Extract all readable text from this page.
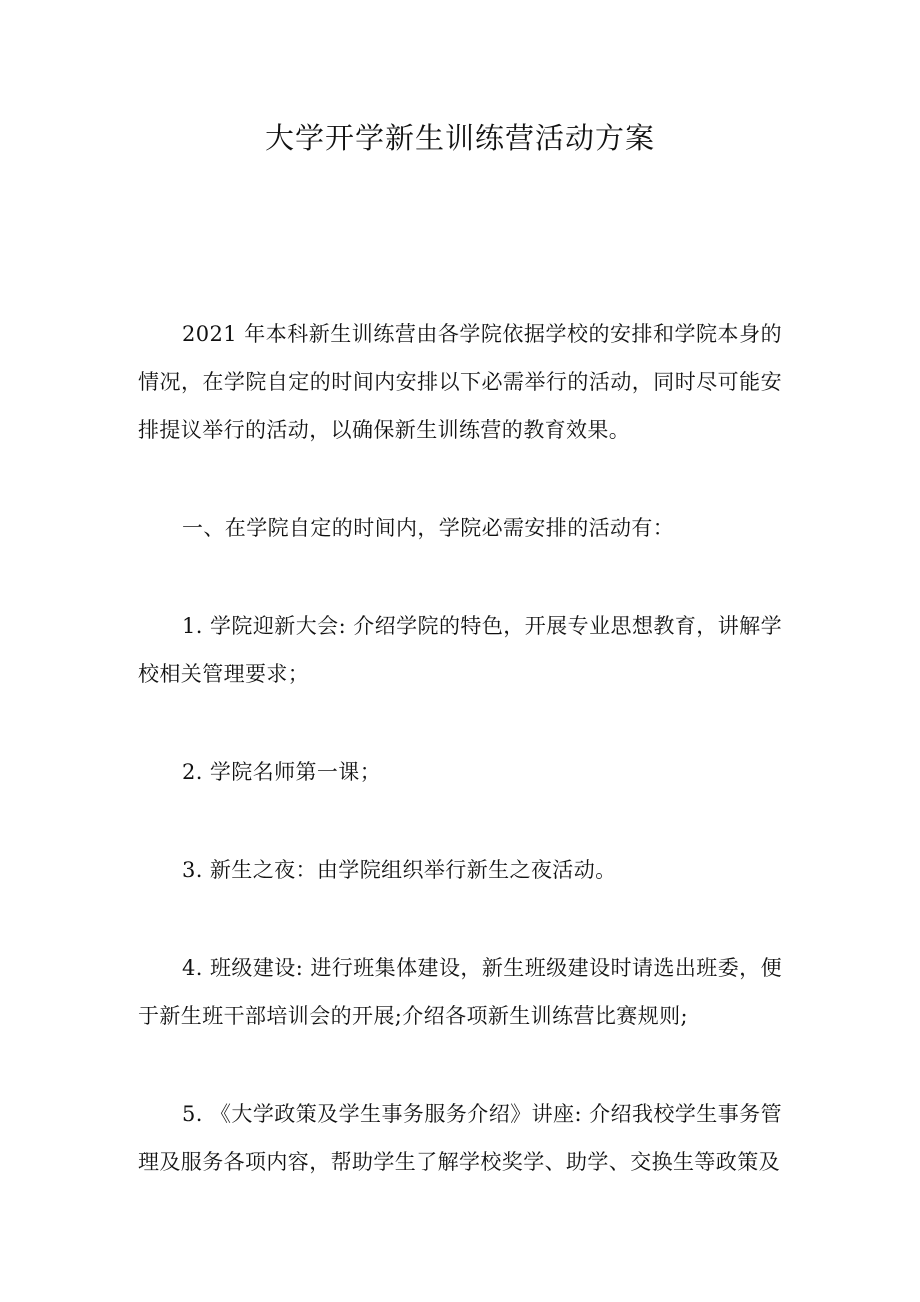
大学开学新生训练营活动方案

2021 年本科新生训练营由各学院依据学校的安排和学院本身的情况，在学院自定的时间内安排以下必需举行的活动，同时尽可能安排提议举行的活动，以确保新生训练营的教育效果。

一、在学院自定的时间内，学院必需安排的活动有：

1. 学院迎新大会: 介绍学院的特色，开展专业思想教育，讲解学校相关管理要求；

2. 学院名师第一课；

3. 新生之夜：由学院组织举行新生之夜活动。

4. 班级建设: 进行班集体建设，新生班级建设时请选出班委，便于新生班干部培训会的开展;介绍各项新生训练营比赛规则;

5. 《大学政策及学生事务服务介绍》讲座: 介绍我校学生事务管理及服务各项内容，帮助学生了解学校奖学、助学、交换生等政策及
